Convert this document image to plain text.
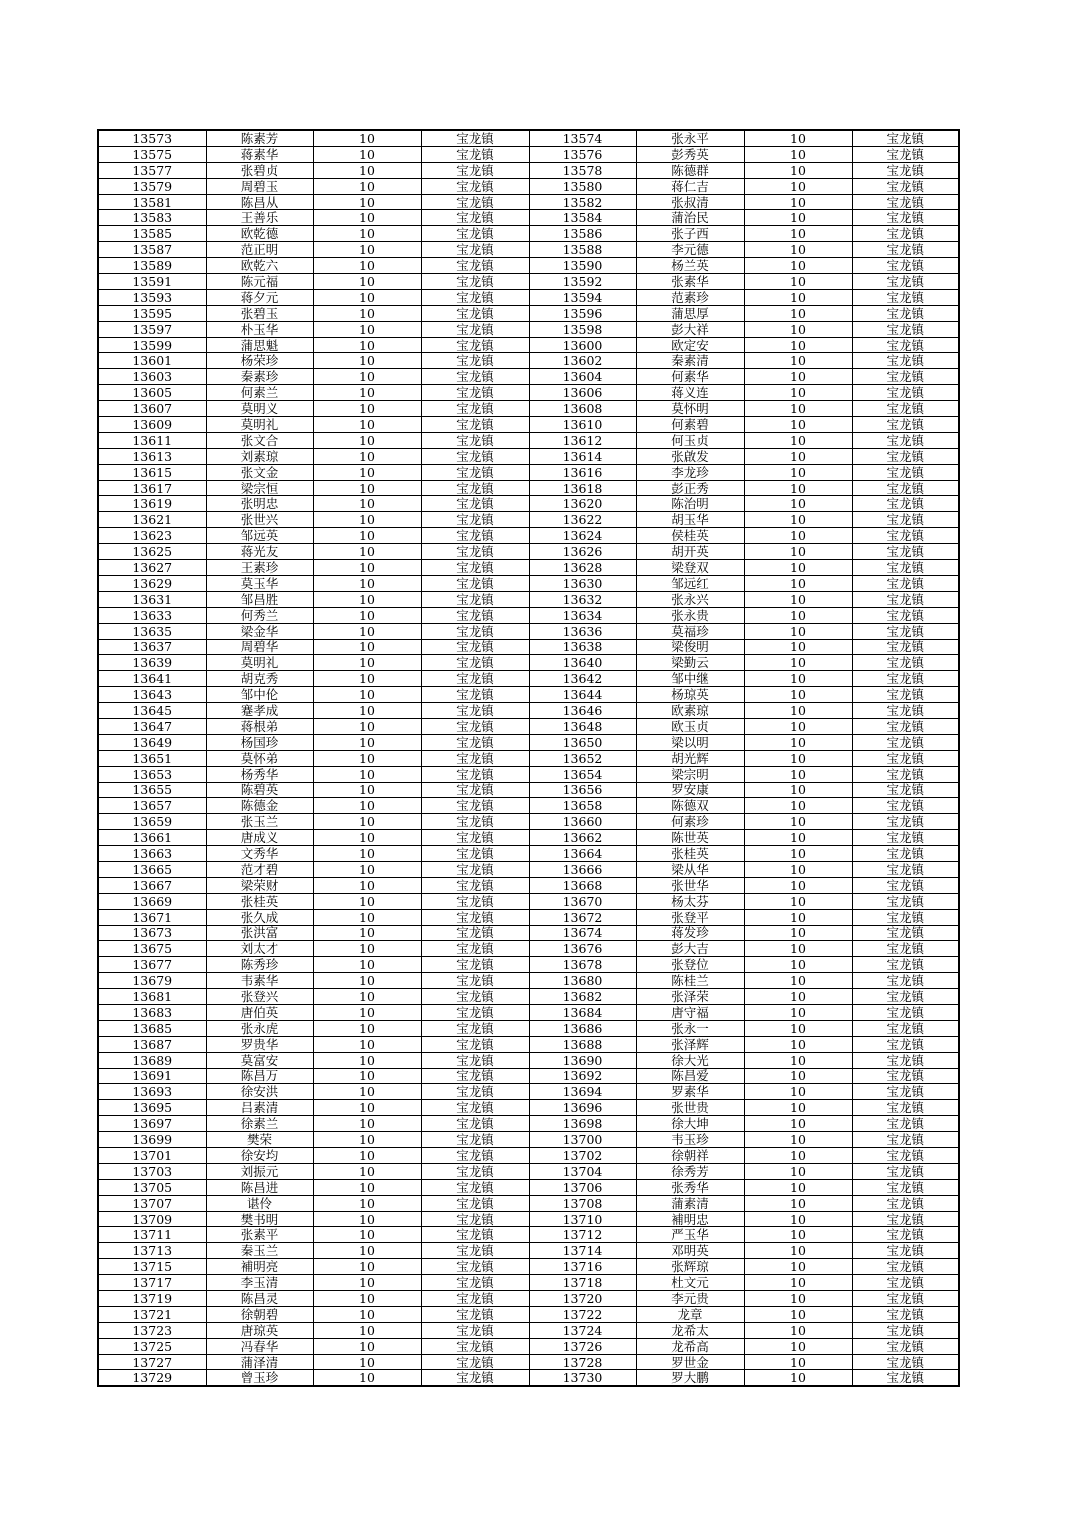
13573	陈素芳	10	宝龙镇	13574	张永平	10	宝龙镇
13575	蒋素华	10	宝龙镇	13576	彭秀英	10	宝龙镇
13577	张碧贞	10	宝龙镇	13578	陈德群	10	宝龙镇
13579	周碧玉	10	宝龙镇	13580	蒋仁吉	10	宝龙镇
13581	陈昌从	10	宝龙镇	13582	张叔清	10	宝龙镇
13583	王善乐	10	宝龙镇	13584	蒲治民	10	宝龙镇
13585	欧乾德	10	宝龙镇	13586	张子西	10	宝龙镇
13587	范正明	10	宝龙镇	13588	李元德	10	宝龙镇
13589	欧乾六	10	宝龙镇	13590	杨兰英	10	宝龙镇
13591	陈元福	10	宝龙镇	13592	张素华	10	宝龙镇
13593	蒋夕元	10	宝龙镇	13594	范素珍	10	宝龙镇
13595	张碧玉	10	宝龙镇	13596	蒲思厚	10	宝龙镇
13597	朴玉华	10	宝龙镇	13598	彭大祥	10	宝龙镇
13599	蒲思魁	10	宝龙镇	13600	欧定安	10	宝龙镇
13601	杨荣珍	10	宝龙镇	13602	秦素清	10	宝龙镇
13603	秦素珍	10	宝龙镇	13604	何素华	10	宝龙镇
13605	何素兰	10	宝龙镇	13606	蒋义连	10	宝龙镇
13607	莫明义	10	宝龙镇	13608	莫怀明	10	宝龙镇
13609	莫明礼	10	宝龙镇	13610	何素碧	10	宝龙镇
13611	张文合	10	宝龙镇	13612	何玉贞	10	宝龙镇
13613	刘素琼	10	宝龙镇	13614	张啟发	10	宝龙镇
13615	张文金	10	宝龙镇	13616	李龙珍	10	宝龙镇
13617	梁宗恒	10	宝龙镇	13618	彭正秀	10	宝龙镇
13619	张明忠	10	宝龙镇	13620	陈治明	10	宝龙镇
13621	张世兴	10	宝龙镇	13622	胡玉华	10	宝龙镇
13623	邹远英	10	宝龙镇	13624	侯桂英	10	宝龙镇
13625	蒋光友	10	宝龙镇	13626	胡开英	10	宝龙镇
13627	王素珍	10	宝龙镇	13628	梁登双	10	宝龙镇
13629	莫玉华	10	宝龙镇	13630	邹远红	10	宝龙镇
13631	邹昌胜	10	宝龙镇	13632	张永兴	10	宝龙镇
13633	何秀兰	10	宝龙镇	13634	张永贵	10	宝龙镇
13635	梁金华	10	宝龙镇	13636	莫福珍	10	宝龙镇
13637	周碧华	10	宝龙镇	13638	梁俊明	10	宝龙镇
13639	莫明礼	10	宝龙镇	13640	梁勤云	10	宝龙镇
13641	胡克秀	10	宝龙镇	13642	邹中继	10	宝龙镇
13643	邹中伦	10	宝龙镇	13644	杨琼英	10	宝龙镇
13645	蹇孝成	10	宝龙镇	13646	欧素琼	10	宝龙镇
13647	蒋根弟	10	宝龙镇	13648	欧玉贞	10	宝龙镇
13649	杨国珍	10	宝龙镇	13650	梁以明	10	宝龙镇
13651	莫怀弟	10	宝龙镇	13652	胡光辉	10	宝龙镇
13653	杨秀华	10	宝龙镇	13654	梁宗明	10	宝龙镇
13655	陈碧英	10	宝龙镇	13656	罗安康	10	宝龙镇
13657	陈德金	10	宝龙镇	13658	陈德双	10	宝龙镇
13659	张玉兰	10	宝龙镇	13660	何素珍	10	宝龙镇
13661	唐成义	10	宝龙镇	13662	陈世英	10	宝龙镇
13663	文秀华	10	宝龙镇	13664	张桂英	10	宝龙镇
13665	范才碧	10	宝龙镇	13666	梁从华	10	宝龙镇
13667	梁荣财	10	宝龙镇	13668	张世华	10	宝龙镇
13669	张桂英	10	宝龙镇	13670	杨太芬	10	宝龙镇
13671	张久成	10	宝龙镇	13672	张登平	10	宝龙镇
13673	张洪富	10	宝龙镇	13674	蒋发珍	10	宝龙镇
13675	刘太才	10	宝龙镇	13676	彭大吉	10	宝龙镇
13677	陈秀珍	10	宝龙镇	13678	张登位	10	宝龙镇
13679	韦素华	10	宝龙镇	13680	陈桂兰	10	宝龙镇
13681	张登兴	10	宝龙镇	13682	张泽荣	10	宝龙镇
13683	唐伯英	10	宝龙镇	13684	唐守福	10	宝龙镇
13685	张永虎	10	宝龙镇	13686	张永一	10	宝龙镇
13687	罗贵华	10	宝龙镇	13688	张泽辉	10	宝龙镇
13689	莫富安	10	宝龙镇	13690	徐大光	10	宝龙镇
13691	陈昌万	10	宝龙镇	13692	陈昌爱	10	宝龙镇
13693	徐安洪	10	宝龙镇	13694	罗素华	10	宝龙镇
13695	吕素清	10	宝龙镇	13696	张世贵	10	宝龙镇
13697	徐素兰	10	宝龙镇	13698	徐大坤	10	宝龙镇
13699	樊荣	10	宝龙镇	13700	韦玉珍	10	宝龙镇
13701	徐安均	10	宝龙镇	13702	徐朝祥	10	宝龙镇
13703	刘振元	10	宝龙镇	13704	徐秀芳	10	宝龙镇
13705	陈昌进	10	宝龙镇	13706	张秀华	10	宝龙镇
13707	谌伶	10	宝龙镇	13708	蒲素清	10	宝龙镇
13709	樊书明	10	宝龙镇	13710	補明忠	10	宝龙镇
13711	张素平	10	宝龙镇	13712	严玉华	10	宝龙镇
13713	秦玉兰	10	宝龙镇	13714	邓明英	10	宝龙镇
13715	補明亮	10	宝龙镇	13716	张辉琼	10	宝龙镇
13717	李玉清	10	宝龙镇	13718	杜文元	10	宝龙镇
13719	陈昌灵	10	宝龙镇	13720	李元贵	10	宝龙镇
13721	徐朝碧	10	宝龙镇	13722	龙章	10	宝龙镇
13723	唐琼英	10	宝龙镇	13724	龙希太	10	宝龙镇
13725	冯春华	10	宝龙镇	13726	龙希高	10	宝龙镇
13727	蒲泽清	10	宝龙镇	13728	罗世金	10	宝龙镇
13729	曾玉珍	10	宝龙镇	13730	罗大鹏	10	宝龙镇
